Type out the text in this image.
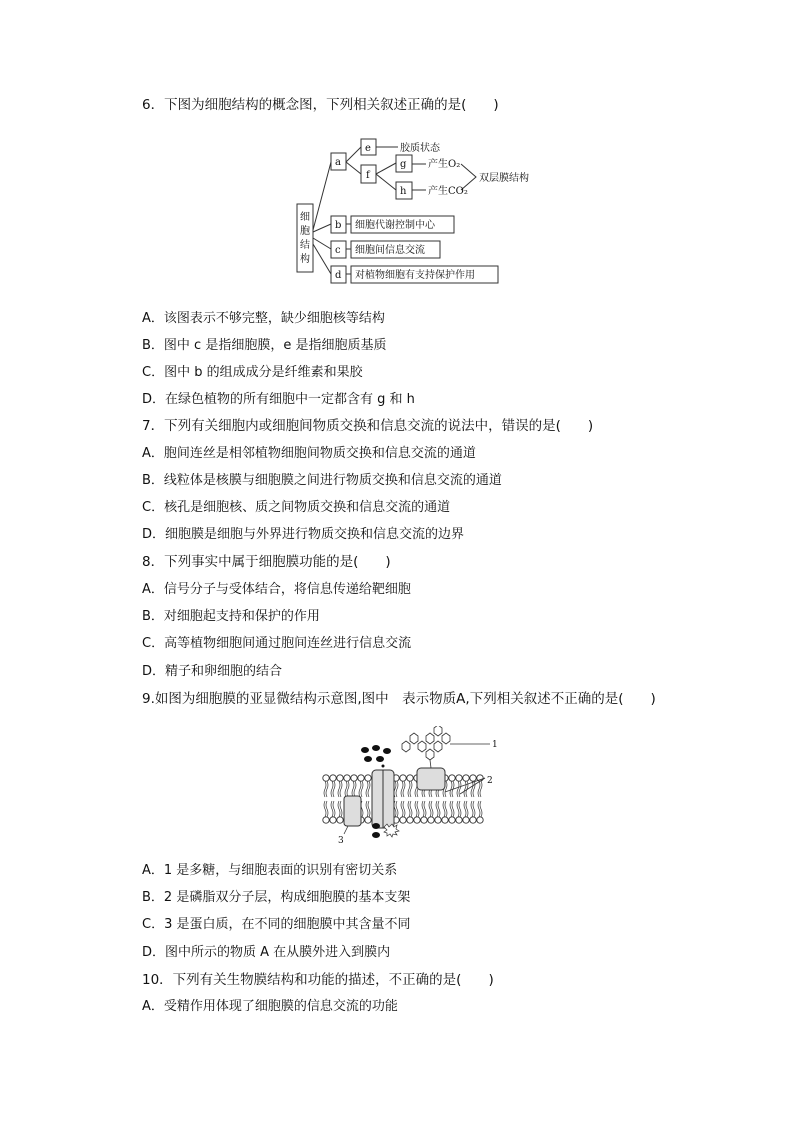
6．下图为细胞结构的概念图，下列相关叙述正确的是(　　)
细
胞
结
构
a
e
f
g
h
b
c
d
胶质状态
产生O₂
产生CO₂
双层膜结构
细胞代谢控制中心
细胞间信息交流
对植物细胞有支持保护作用
A．该图表示不够完整，缺少细胞核等结构
B．图中 c 是指细胞膜，e 是指细胞质基质
C．图中 b 的组成成分是纤维素和果胶
D．在绿色植物的所有细胞中一定都含有 g 和 h
7．下列有关细胞内或细胞间物质交换和信息交流的说法中，错误的是(　　)
A．胞间连丝是相邻植物细胞间物质交换和信息交流的通道
B．线粒体是核膜与细胞膜之间进行物质交换和信息交流的通道
C．核孔是细胞核、质之间物质交换和信息交流的通道
D．细胞膜是细胞与外界进行物质交换和信息交流的边界
8．下列事实中属于细胞膜功能的是(　　)
A．信号分子与受体结合，将信息传递给靶细胞
B．对细胞起支持和保护的作用
C．高等植物细胞间通过胞间连丝进行信息交流
D．精子和卵细胞的结合
9.如图为细胞膜的亚显微结构示意图,图中　表示物质A,下列相关叙述不正确的是(　　)
1
2
3
A．1 是多糖，与细胞表面的识别有密切关系
B．2 是磷脂双分子层，构成细胞膜的基本支架
C．3 是蛋白质，在不同的细胞膜中其含量不同
D．图中所示的物质 A 在从膜外进入到膜内
10．下列有关生物膜结构和功能的描述，不正确的是(　　)
A．受精作用体现了细胞膜的信息交流的功能
